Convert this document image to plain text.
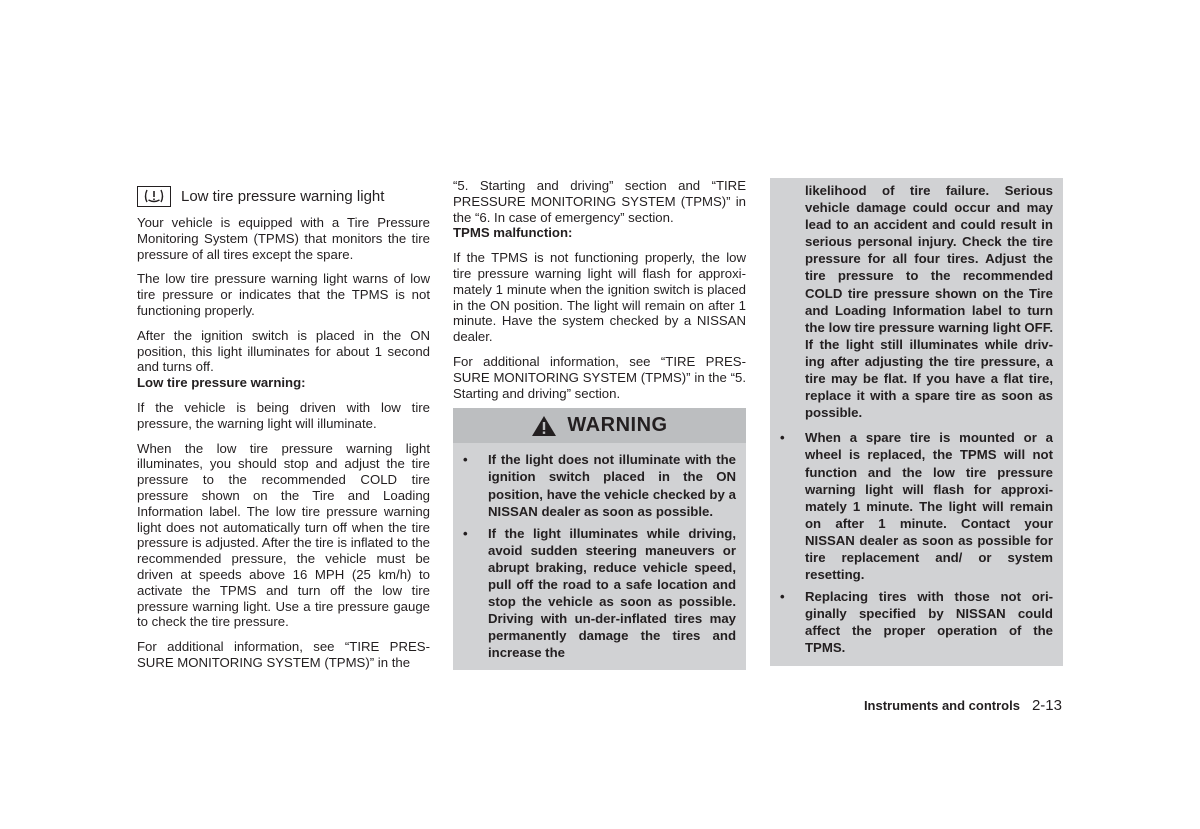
Low tire pressure warning light

Your vehicle is equipped with a Tire Pressure Monitoring System (TPMS) that monitors the tire pressure of all tires except the spare.

The low tire pressure warning light warns of low tire pressure or indicates that the TPMS is not functioning properly.

After the ignition switch is placed in the ON position, this light illuminates for about 1 second and turns off.

Low tire pressure warning:

If the vehicle is being driven with low tire pressure, the warning light will illuminate.

When the low tire pressure warning light illuminates, you should stop and adjust the tire pressure to the recommended COLD tire pressure shown on the Tire and Loading Information label. The low tire pressure warning light does not automatically turn off when the tire pressure is adjusted. After the tire is inflated to the recommended pressure, the vehicle must be driven at speeds above 16 MPH (25 km/h) to activate the TPMS and turn off the low tire pressure warning light. Use a tire pressure gauge to check the tire pressure.

For additional information, see “TIRE PRES-SURE MONITORING SYSTEM (TPMS)” in the

“5. Starting and driving” section and “TIRE PRESSURE MONITORING SYSTEM (TPMS)” in the “6. In case of emergency” section.

TPMS malfunction:

If the TPMS is not functioning properly, the low tire pressure warning light will flash for approxi-mately 1 minute when the ignition switch is placed in the ON position. The light will remain on after 1 minute. Have the system checked by a NISSAN dealer.

For additional information, see “TIRE PRES-SURE MONITORING SYSTEM (TPMS)” in the “5. Starting and driving” section.

WARNING
• If the light does not illuminate with the ignition switch placed in the ON position, have the vehicle checked by a NISSAN dealer as soon as possible.
• If the light illuminates while driving, avoid sudden steering maneuvers or abrupt braking, reduce vehicle speed, pull off the road to a safe location and stop the vehicle as soon as possible. Driving with un-der-inflated tires may permanently damage the tires and increase the
likelihood of tire failure. Serious vehicle damage could occur and may lead to an accident and could result in serious personal injury. Check the tire pressure for all four tires. Adjust the tire pressure to the recommended COLD tire pressure shown on the Tire and Loading Information label to turn the low tire pressure warning light OFF. If the light still illuminates while driv-ing after adjusting the tire pressure, a tire may be flat. If you have a flat tire, replace it with a spare tire as soon as possible.
• When a spare tire is mounted or a wheel is replaced, the TPMS will not function and the low tire pressure warning light will flash for approxi-mately 1 minute. The light will remain on after 1 minute. Contact your NISSAN dealer as soon as possible for tire replacement and/ or system resetting.
• Replacing tires with those not ori-ginally specified by NISSAN could affect the proper operation of the TPMS.
Instruments and controls 2-13
